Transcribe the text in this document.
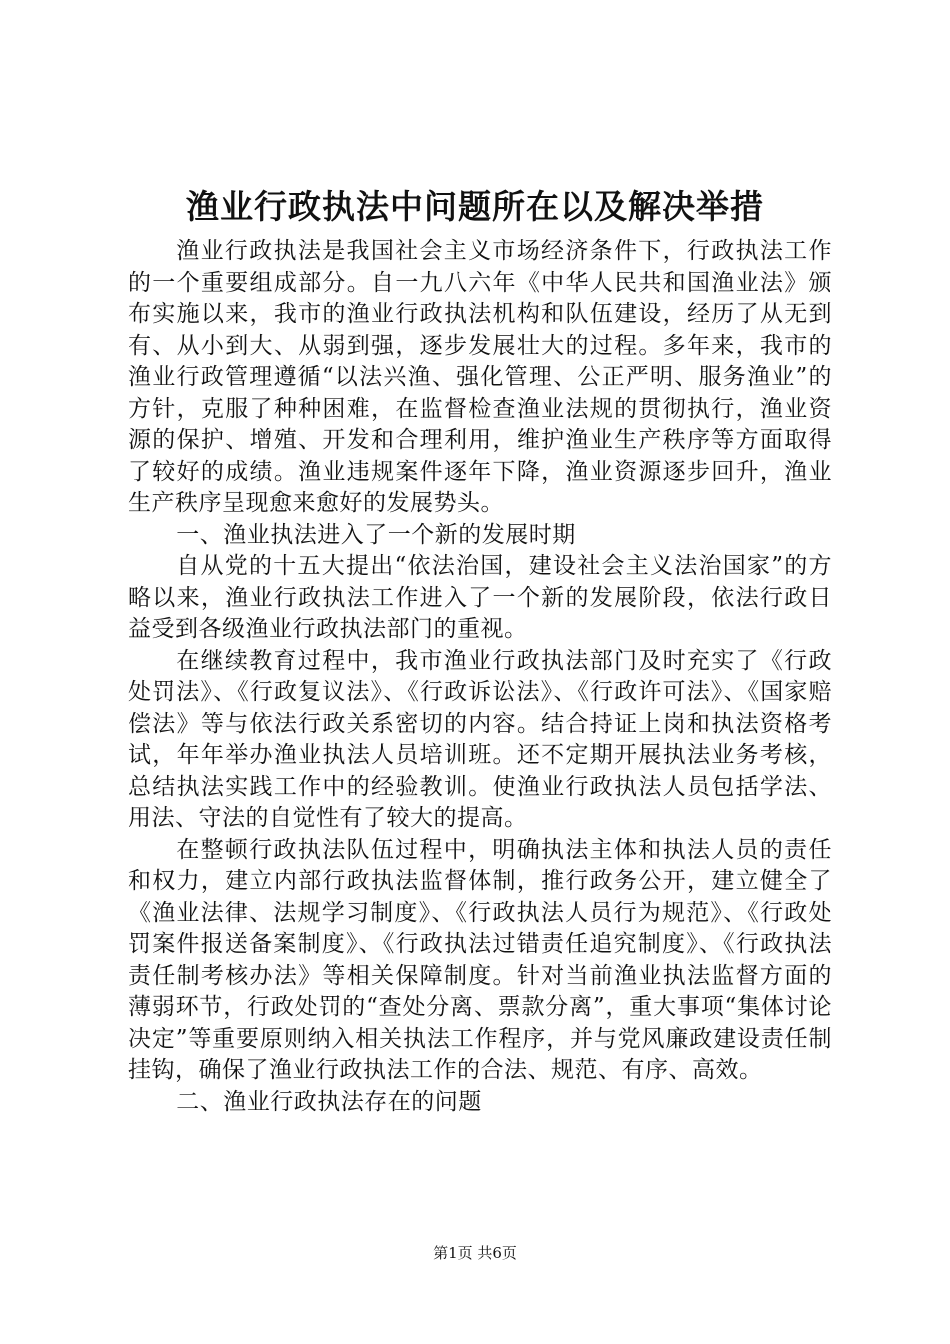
渔业行政执法中问题所在以及解决举措

渔业行政执法是我国社会主义市场经济条件下，行政执法工作的一个重要组成部分。自一九八六年《中华人民共和国渔业法》颁布实施以来，我市的渔业行政执法机构和队伍建设，经历了从无到有、从小到大、从弱到强，逐步发展壮大的过程。多年来，我市的渔业行政管理遵循“以法兴渔、强化管理、公正严明、服务渔业”的方针，克服了种种困难，在监督检查渔业法规的贯彻执行，渔业资源的保护、增殖、开发和合理利用，维护渔业生产秩序等方面取得了较好的成绩。渔业违规案件逐年下降，渔业资源逐步回升，渔业生产秩序呈现愈来愈好的发展势头。

一、渔业执法进入了一个新的发展时期

自从党的十五大提出“依法治国，建设社会主义法治国家”的方略以来，渔业行政执法工作进入了一个新的发展阶段，依法行政日益受到各级渔业行政执法部门的重视。

在继续教育过程中，我市渔业行政执法部门及时充实了《行政处罚法》、《行政复议法》、《行政诉讼法》、《行政许可法》、《国家赔偿法》等与依法行政关系密切的内容。结合持证上岗和执法资格考试，年年举办渔业执法人员培训班。还不定期开展执法业务考核，总结执法实践工作中的经验教训。使渔业行政执法人员包括学法、用法、守法的自觉性有了较大的提高。

在整顿行政执法队伍过程中，明确执法主体和执法人员的责任和权力，建立内部行政执法监督体制，推行政务公开，建立健全了《渔业法律、法规学习制度》、《行政执法人员行为规范》、《行政处罚案件报送备案制度》、《行政执法过错责任追究制度》、《行政执法责任制考核办法》等相关保障制度。针对当前渔业执法监督方面的薄弱环节，行政处罚的“查处分离、票款分离”，重大事项“集体讨论决定”等重要原则纳入相关执法工作程序，并与党风廉政建设责任制挂钩，确保了渔业行政执法工作的合法、规范、有序、高效。

二、渔业行政执法存在的问题

第1页 共6页
